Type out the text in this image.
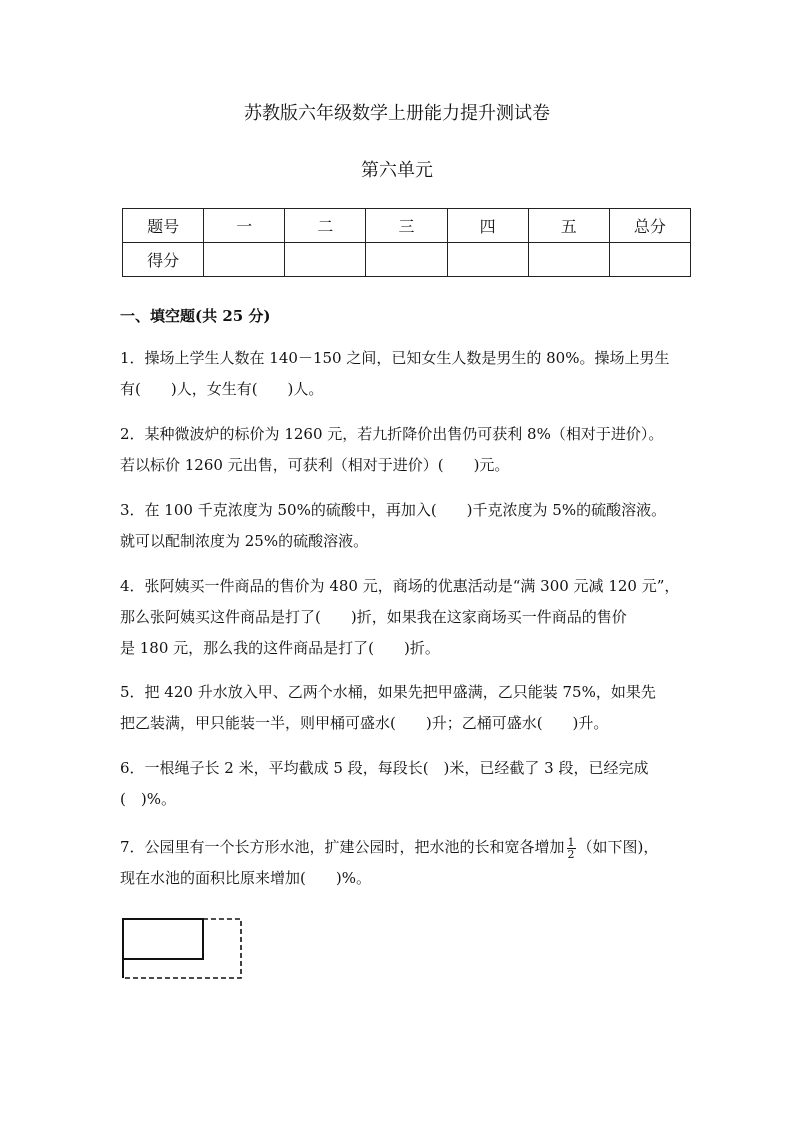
苏教版六年级数学上册能力提升测试卷
第六单元
题号	一	二	三	四	五	总分
得分						
一、填空题(共 25 分)
1．操场上学生人数在 140－150 之间，已知女生人数是男生的 80%。操场上男生
有(　　)人，女生有(　　)人。
2．某种微波炉的标价为 1260 元，若九折降价出售仍可获利 8%（相对于进价）。
若以标价 1260 元出售，可获利（相对于进价）(　　)元。
3．在 100 千克浓度为 50%的硫酸中，再加入(　　)千克浓度为 5%的硫酸溶液。
就可以配制浓度为 25%的硫酸溶液。
4．张阿姨买一件商品的售价为 480 元，商场的优惠活动是“满 300 元减 120 元”，
那么张阿姨买这件商品是打了(　　)折，如果我在这家商场买一件商品的售价
是 180 元，那么我的这件商品是打了(　　)折。
5．把 420 升水放入甲、乙两个水桶，如果先把甲盛满，乙只能装 75%，如果先
把乙装满，甲只能装一半，则甲桶可盛水(　　)升；乙桶可盛水(　　)升。
6．一根绳子长 2 米，平均截成 5 段，每段长(　)米，已经截了 3 段，已经完成
(　)%。
7．公园里有一个长方形水池，扩建公园时，把水池的长和宽各增加 $\frac{1}{2}$ （如下图)，
现在水池的面积比原来增加(　　)%。
